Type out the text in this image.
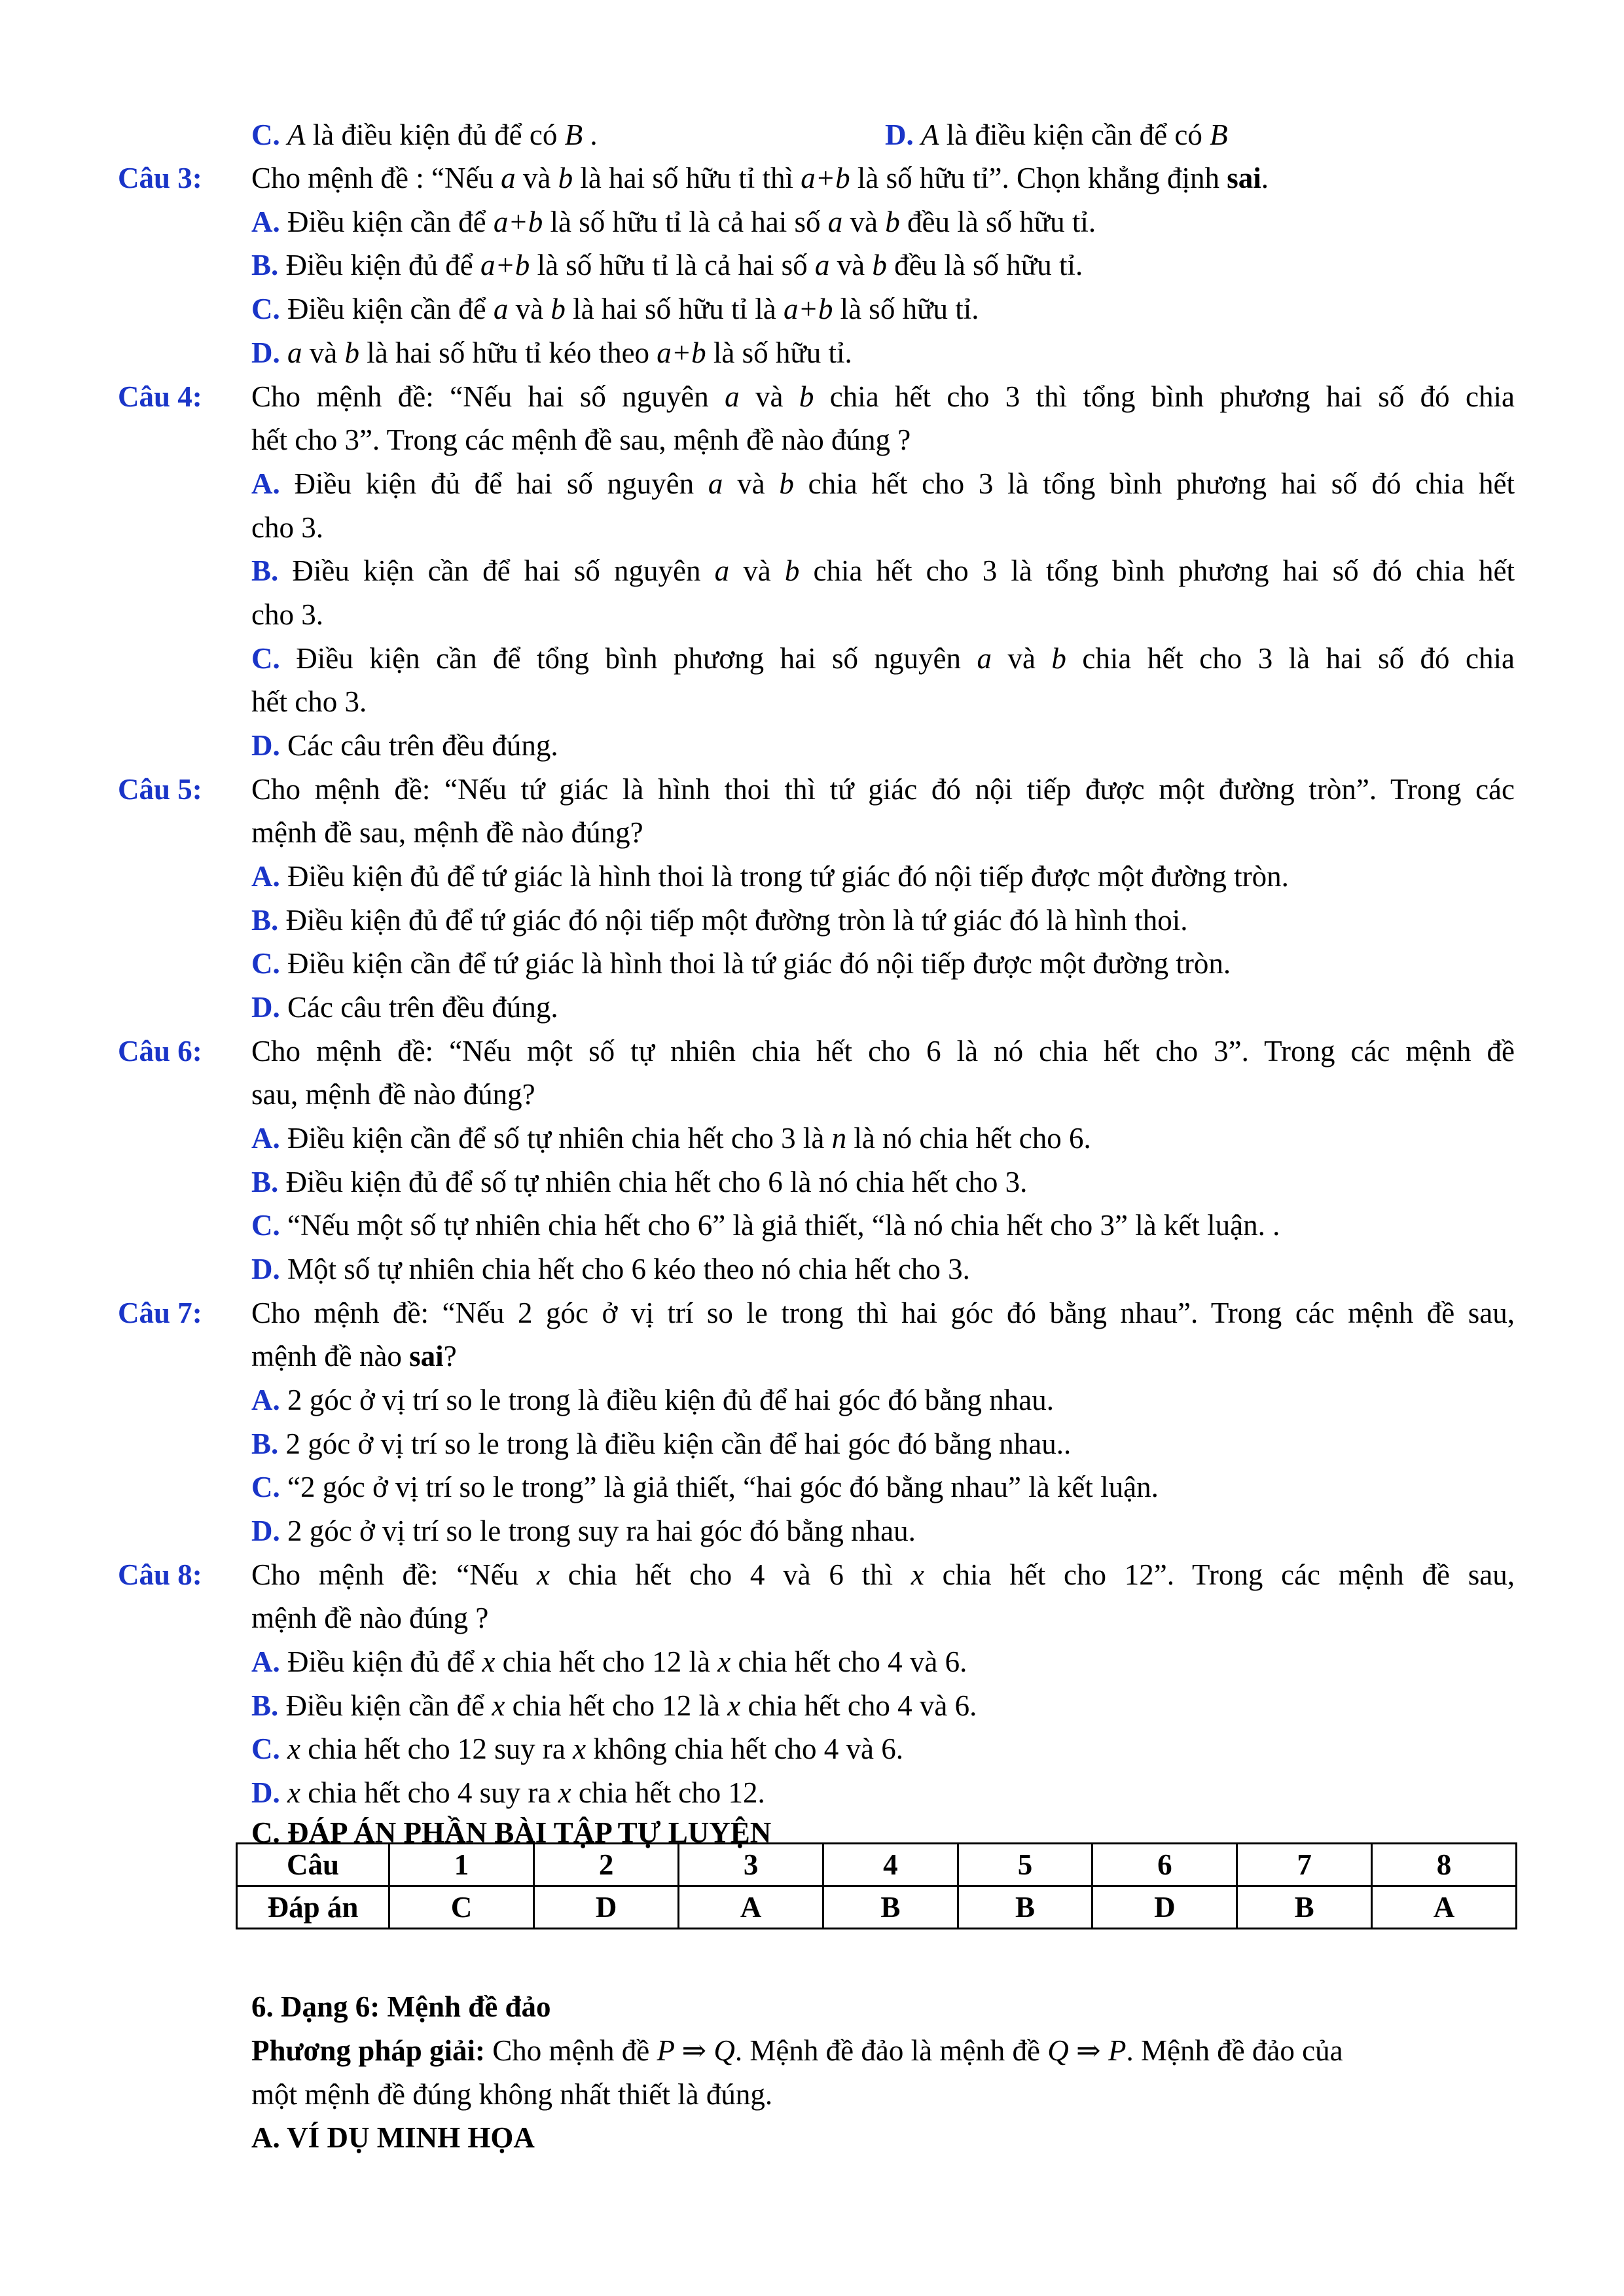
C. A là điều kiện đủ để có B .	D. A là điều kiện cần để có B
Câu 3: Cho mệnh đề : “Nếu a và b là hai số hữu tỉ thì a+b là số hữu tỉ”. Chọn khẳng định sai.
A. Điều kiện cần để a+b là số hữu tỉ là cả hai số a và b đều là số hữu tỉ.
B. Điều kiện đủ để a+b là số hữu tỉ là cả hai số a và b đều là số hữu tỉ.
C. Điều kiện cần để a và b là hai số hữu tỉ là a+b là số hữu tỉ.
D. a và b là hai số hữu tỉ kéo theo a+b là số hữu tỉ.
Câu 4: Cho mệnh đề: “Nếu hai số nguyên a và b chia hết cho 3 thì tổng bình phương hai số đó chia
hết cho 3”. Trong các mệnh đề sau, mệnh đề nào đúng ?
A. Điều kiện đủ để hai số nguyên a và b chia hết cho 3 là tổng bình phương hai số đó chia hết
cho 3.
B. Điều kiện cần để hai số nguyên a và b chia hết cho 3 là tổng bình phương hai số đó chia hết
cho 3.
C. Điều kiện cần để tổng bình phương hai số nguyên a và b chia hết cho 3 là hai số đó chia
hết cho 3.
D. Các câu trên đều đúng.
Câu 5: Cho mệnh đề: “Nếu tứ giác là hình thoi thì tứ giác đó nội tiếp được một đường tròn”. Trong các
mệnh đề sau, mệnh đề nào đúng?
A. Điều kiện đủ để tứ giác là hình thoi là trong tứ giác đó nội tiếp được một đường tròn.
B. Điều kiện đủ để tứ giác đó nội tiếp một đường tròn là tứ giác đó là hình thoi.
C. Điều kiện cần để tứ giác là hình thoi là tứ giác đó nội tiếp được một đường tròn.
D. Các câu trên đều đúng.
Câu 6: Cho mệnh đề: “Nếu một số tự nhiên chia hết cho 6 là nó chia hết cho 3”. Trong các mệnh đề
sau, mệnh đề nào đúng?
A. Điều kiện cần để số tự nhiên chia hết cho 3 là n là nó chia hết cho 6.
B. Điều kiện đủ để số tự nhiên chia hết cho 6 là nó chia hết cho 3.
C. “Nếu một số tự nhiên chia hết cho 6” là giả thiết, “là nó chia hết cho 3” là kết luận. .
D. Một số tự nhiên chia hết cho 6 kéo theo nó chia hết cho 3.
Câu 7: Cho mệnh đề: “Nếu 2 góc ở vị trí so le trong thì hai góc đó bằng nhau”. Trong các mệnh đề sau,
mệnh đề nào sai?
A. 2 góc ở vị trí so le trong là điều kiện đủ để hai góc đó bằng nhau.
B. 2 góc ở vị trí so le trong là điều kiện cần để hai góc đó bằng nhau..
C. “2 góc ở vị trí so le trong” là giả thiết, “hai góc đó bằng nhau” là kết luận.
D. 2 góc ở vị trí so le trong suy ra hai góc đó bằng nhau.
Câu 8: Cho mệnh đề: “Nếu x chia hết cho 4 và 6 thì x chia hết cho 12”. Trong các mệnh đề sau,
mệnh đề nào đúng ?
A. Điều kiện đủ để x chia hết cho 12 là x chia hết cho 4 và 6.
B. Điều kiện cần để x chia hết cho 12 là x chia hết cho 4 và 6.
C. x chia hết cho 12 suy ra x không chia hết cho 4 và 6.
D. x chia hết cho 4 suy ra x chia hết cho 12.
C. ĐÁP ÁN PHẦN BÀI TẬP TỰ LUYỆN
Câu	1	2	3	4	5	6	7	8
Đáp án	C	D	A	B	B	D	B	A
6. Dạng 6: Mệnh đề đảo
Phương pháp giải: Cho mệnh đề P ⇒ Q. Mệnh đề đảo là mệnh đề Q ⇒ P. Mệnh đề đảo của
một mệnh đề đúng không nhất thiết là đúng.
A. VÍ DỤ MINH HỌA
